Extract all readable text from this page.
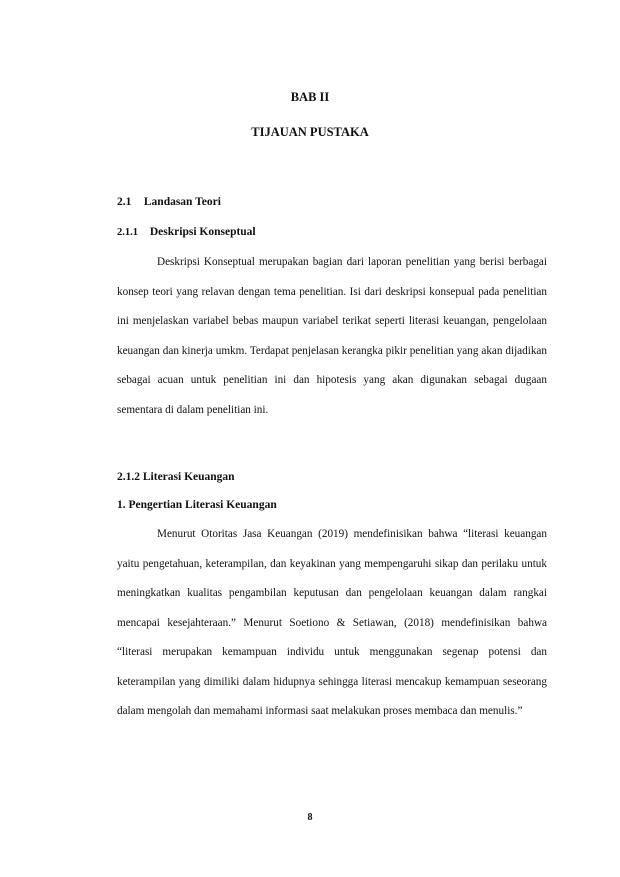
BAB II
TIJAUAN PUSTAKA
2.1 Landasan Teori
2.1.1 Deskripsi Konseptual

Deskripsi Konseptual merupakan bagian dari laporan penelitian yang berisi berbagai konsep teori yang relavan dengan tema penelitian. Isi dari deskripsi konsepual pada penelitian ini menjelaskan variabel bebas maupun variabel terikat seperti literasi keuangan, pengelolaan keuangan dan kinerja umkm. Terdapat penjelasan kerangka pikir penelitian yang akan dijadikan sebagai acuan untuk penelitian ini dan hipotesis yang akan digunakan sebagai dugaan sementara di dalam penelitian ini.

2.1.2 Literasi Keuangan
1. Pengertian Literasi Keuangan

Menurut Otoritas Jasa Keuangan (2019) mendefinisikan bahwa “literasi keuangan yaitu pengetahuan, keterampilan, dan keyakinan yang mempengaruhi sikap dan perilaku untuk meningkatkan kualitas pengambilan keputusan dan pengelolaan keuangan dalam rangkai mencapai kesejahteraan.” Menurut Soetiono & Setiawan, (2018) mendefinisikan bahwa “literasi merupakan kemampuan individu untuk menggunakan segenap potensi dan keterampilan yang dimiliki dalam hidupnya sehingga literasi mencakup kemampuan seseorang dalam mengolah dan memahami informasi saat melakukan proses membaca dan menulis.”

8
